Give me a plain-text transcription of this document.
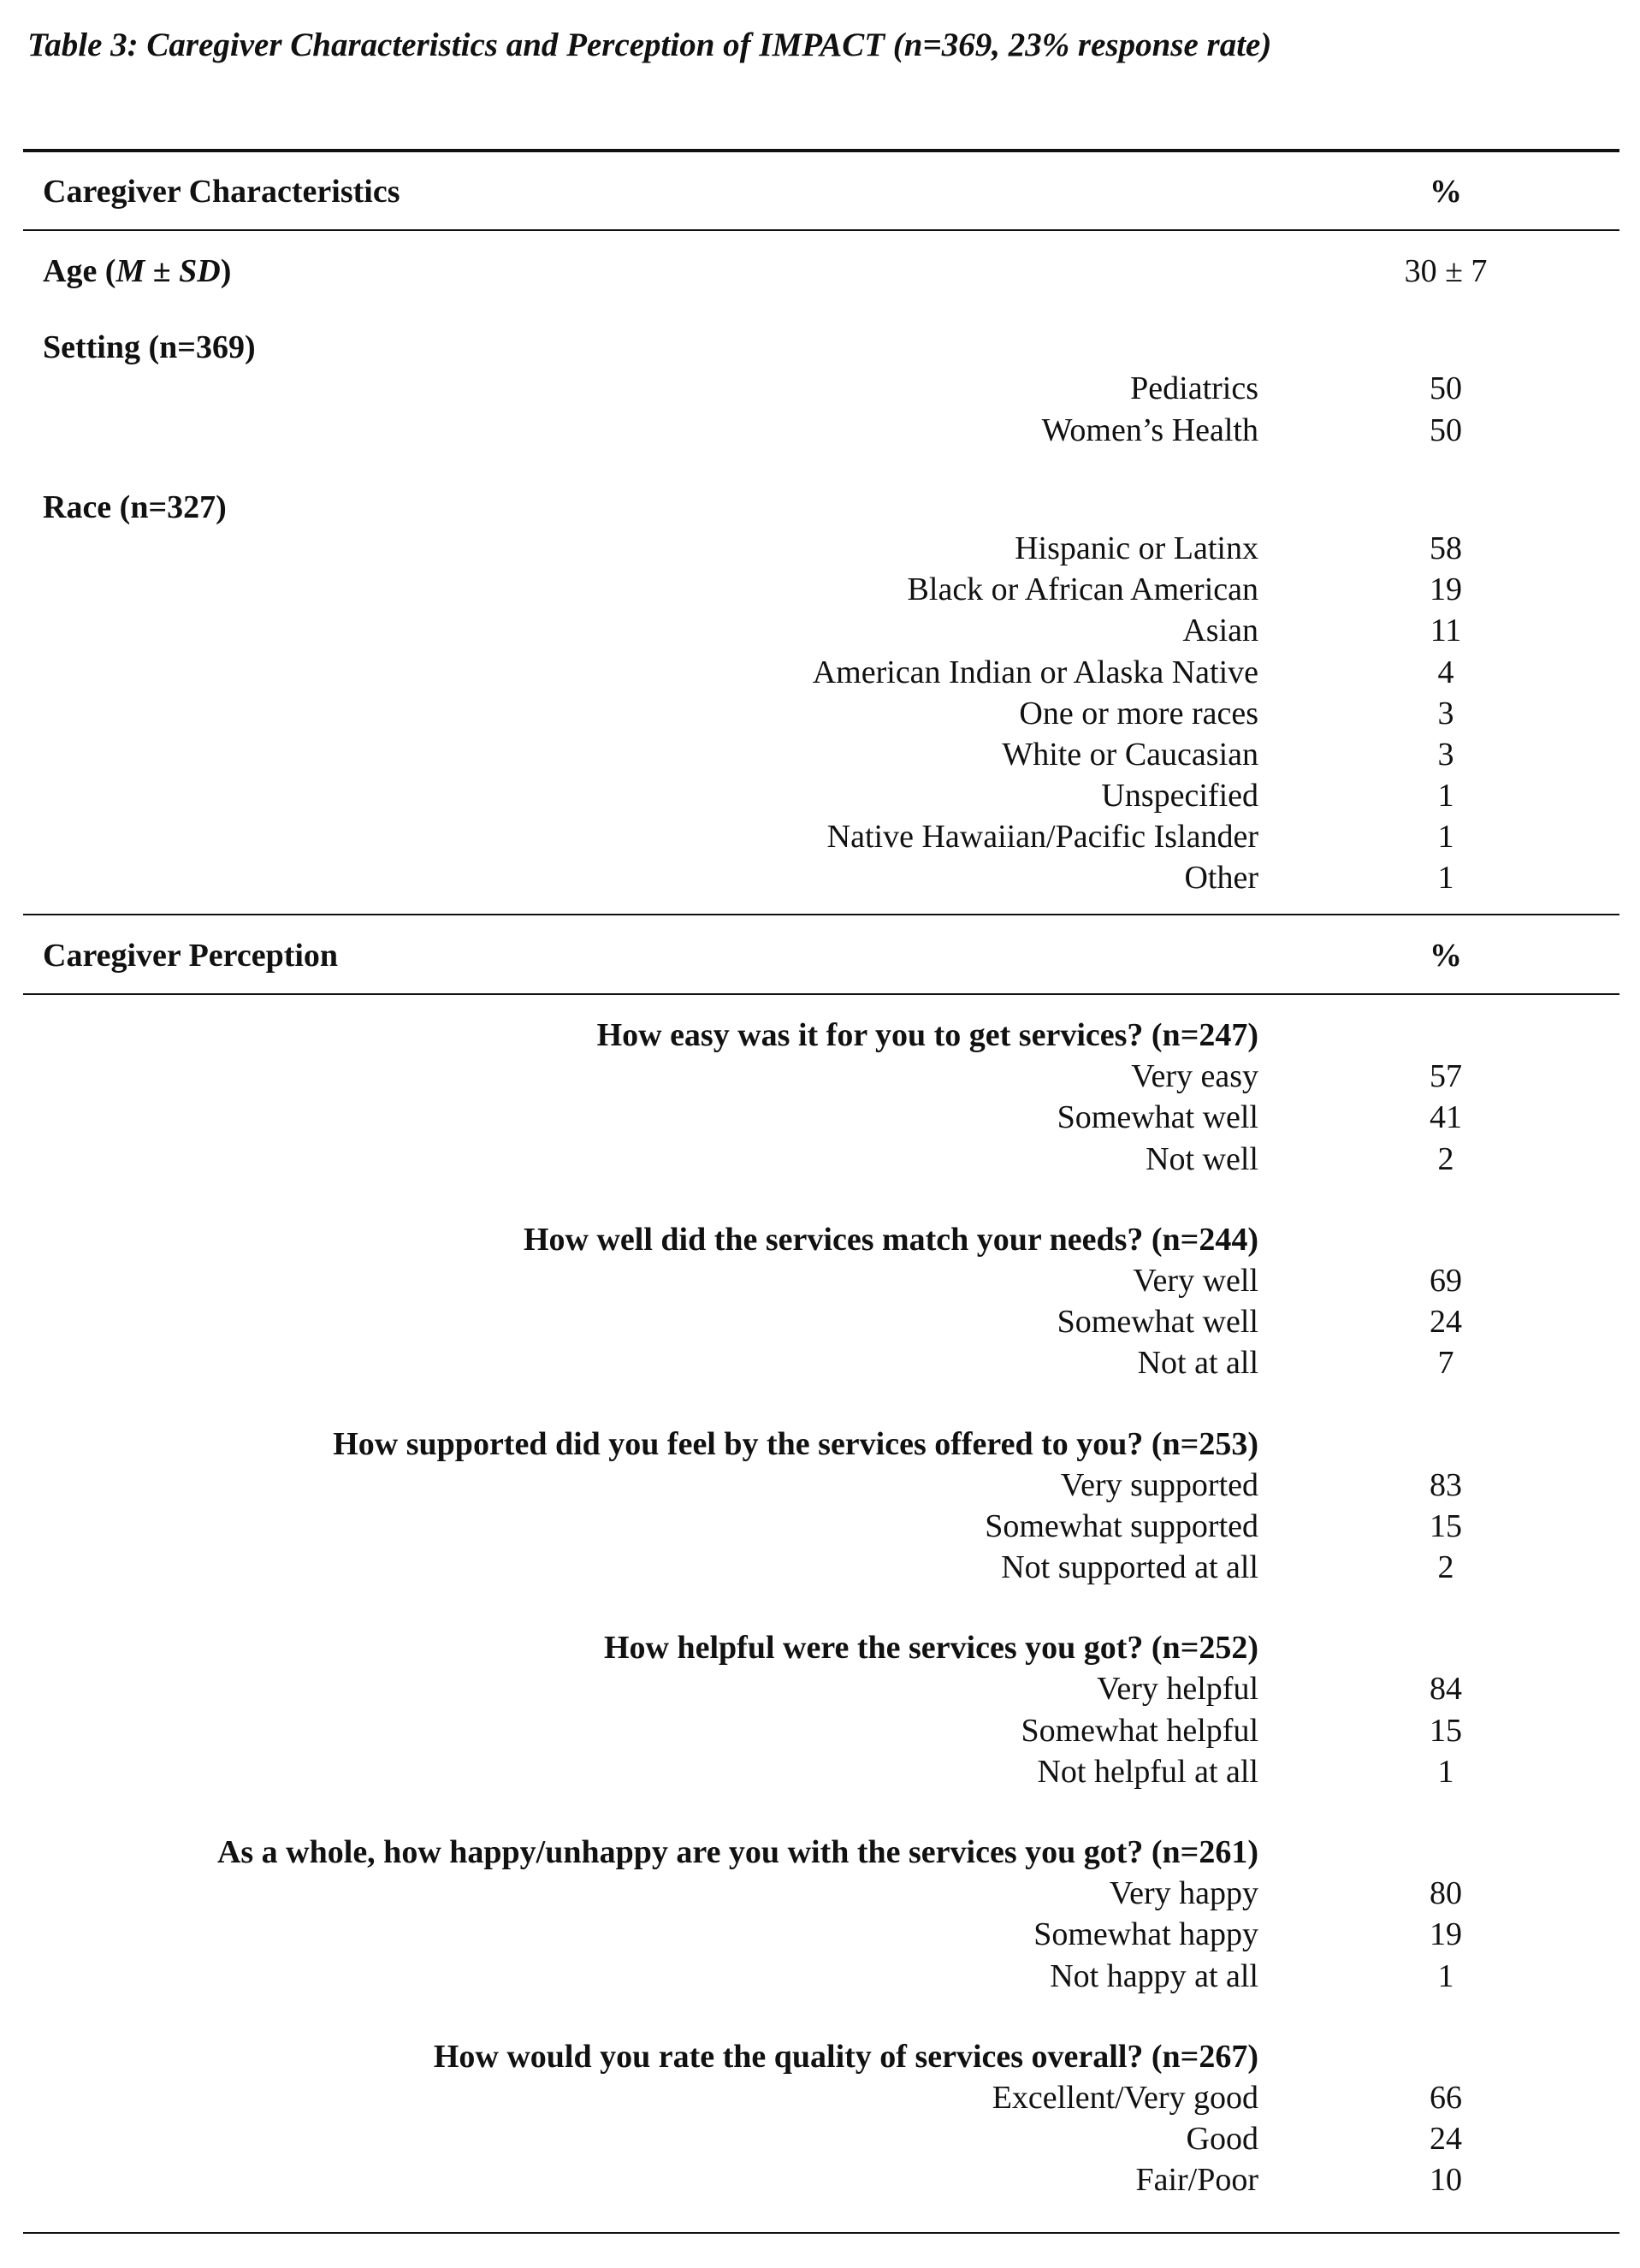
Table 3: Caregiver Characteristics and Perception of IMPACT (n=369, 23% response rate)
Caregiver Characteristics	%
Age (M ± SD)	30 ± 7
Setting (n=369)
Pediatrics	50
Women’s Health	50
Race (n=327)
Hispanic or Latinx	58
Black or African American	19
Asian	11
American Indian or Alaska Native	4
One or more races	3
White or Caucasian	3
Unspecified	1
Native Hawaiian/Pacific Islander	1
Other	1
Caregiver Perception	%
How easy was it for you to get services? (n=247)
Very easy	57
Somewhat well	41
Not well	2
How well did the services match your needs? (n=244)
Very well	69
Somewhat well	24
Not at all	7
How supported did you feel by the services offered to you? (n=253)
Very supported	83
Somewhat supported	15
Not supported at all	2
How helpful were the services you got? (n=252)
Very helpful	84
Somewhat helpful	15
Not helpful at all	1
As a whole, how happy/unhappy are you with the services you got? (n=261)
Very happy	80
Somewhat happy	19
Not happy at all	1
How would you rate the quality of services overall? (n=267)
Excellent/Very good	66
Good	24
Fair/Poor	10
